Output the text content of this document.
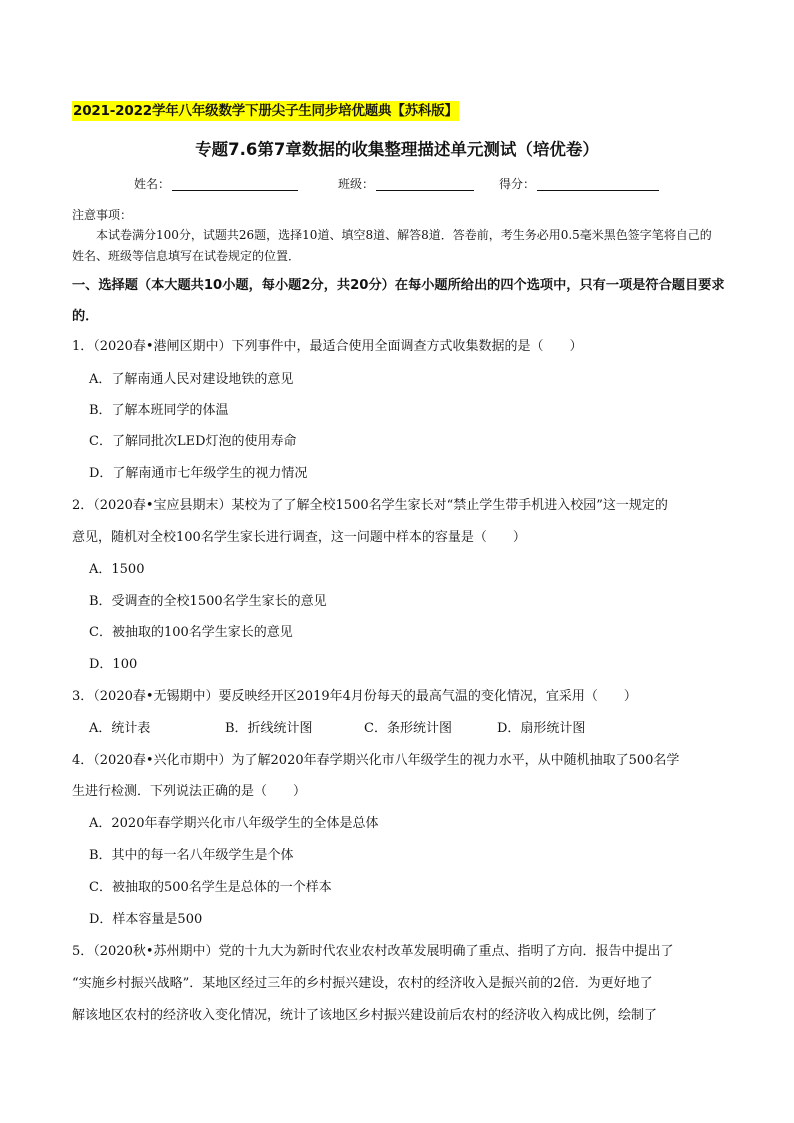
2021-2022学年八年级数学下册尖子生同步培优题典【苏科版】
专题7.6第7章数据的收集整理描述单元测试（培优卷）
姓名：	班级：	得分：
注意事项：
本试卷满分100分，试题共26题，选择10道、填空8道、解答8道．答卷前，考生务必用0.5毫米黑色签字笔将自己的姓名、班级等信息填写在试卷规定的位置．
一、选择题（本大题共10小题，每小题2分，共20分）在每小题所给出的四个选项中，只有一项是符合题目要求的．
1．（2020春•港闸区期中）下列事件中，最适合使用全面调查方式收集数据的是（　　）
A．了解南通人民对建设地铁的意见
B．了解本班同学的体温
C．了解同批次LED灯泡的使用寿命
D．了解南通市七年级学生的视力情况
2．（2020春•宝应县期末）某校为了了解全校1500名学生家长对“禁止学生带手机进入校园”这一规定的
意见，随机对全校100名学生家长进行调查，这一问题中样本的容量是（　　）
A．1500
B．受调查的全校1500名学生家长的意见
C．被抽取的100名学生家长的意见
D．100
3．（2020春•无锡期中）要反映经开区2019年4月份每天的最高气温的变化情况，宜采用（　　）
A．统计表	B．折线统计图	C．条形统计图	D．扇形统计图
4．（2020春•兴化市期中）为了解2020年春学期兴化市八年级学生的视力水平，从中随机抽取了500名学
生进行检测．下列说法正确的是（　　）
A．2020年春学期兴化市八年级学生的全体是总体
B．其中的每一名八年级学生是个体
C．被抽取的500名学生是总体的一个样本
D．样本容量是500
5．（2020秋•苏州期中）党的十九大为新时代农业农村改革发展明确了重点、指明了方向．报告中提出了
“实施乡村振兴战略”．某地区经过三年的乡村振兴建设，农村的经济收入是振兴前的2倍．为更好地了
解该地区农村的经济收入变化情况，统计了该地区乡村振兴建设前后农村的经济收入构成比例，绘制了
